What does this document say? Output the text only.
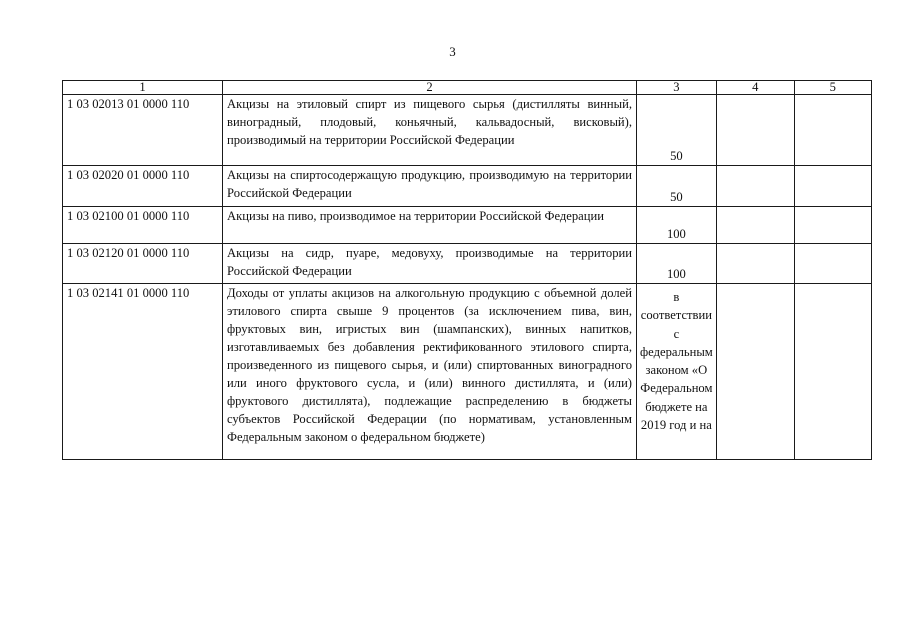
3
1	2	3	4	5
1 03 02013 01 0000 110	Акцизы на этиловый спирт из пищевого сырья (дистилляты винный, виноградный, плодовый, коньячный, кальвадосный, висковый), производимый на территории Российской Федерации	50		
1 03 02020 01 0000 110	Акцизы на спиртосодержащую продукцию, производимую на территории Российской Федерации	50		
1 03 02100 01 0000 110	Акцизы на пиво, производимое на территории Российской Федерации	100		
1 03 02120 01 0000 110	Акцизы на сидр, пуаре, медовуху, производимые на территории Российской Федерации	100		
1 03 02141 01 0000 110	Доходы от уплаты акцизов на алкогольную продукцию с объемной долей этилового спирта свыше 9 процентов (за исключением пива, вин, фруктовых вин, игристых вин (шампанских), винных напитков, изготавливаемых без добавления ректификованного этилового спирта, произведенного из пищевого сырья, и (или) спиртованных виноградного или иного фруктового сусла, и (или) винного дистиллята, и (или) фруктового дистиллята), подлежащие распределению в бюджеты субъектов Российской Федерации (по нормативам, установленным Федеральным законом о федеральном бюджете)	в соответствии с федеральным законом «О Федеральном бюджете на 2019 год и на		
